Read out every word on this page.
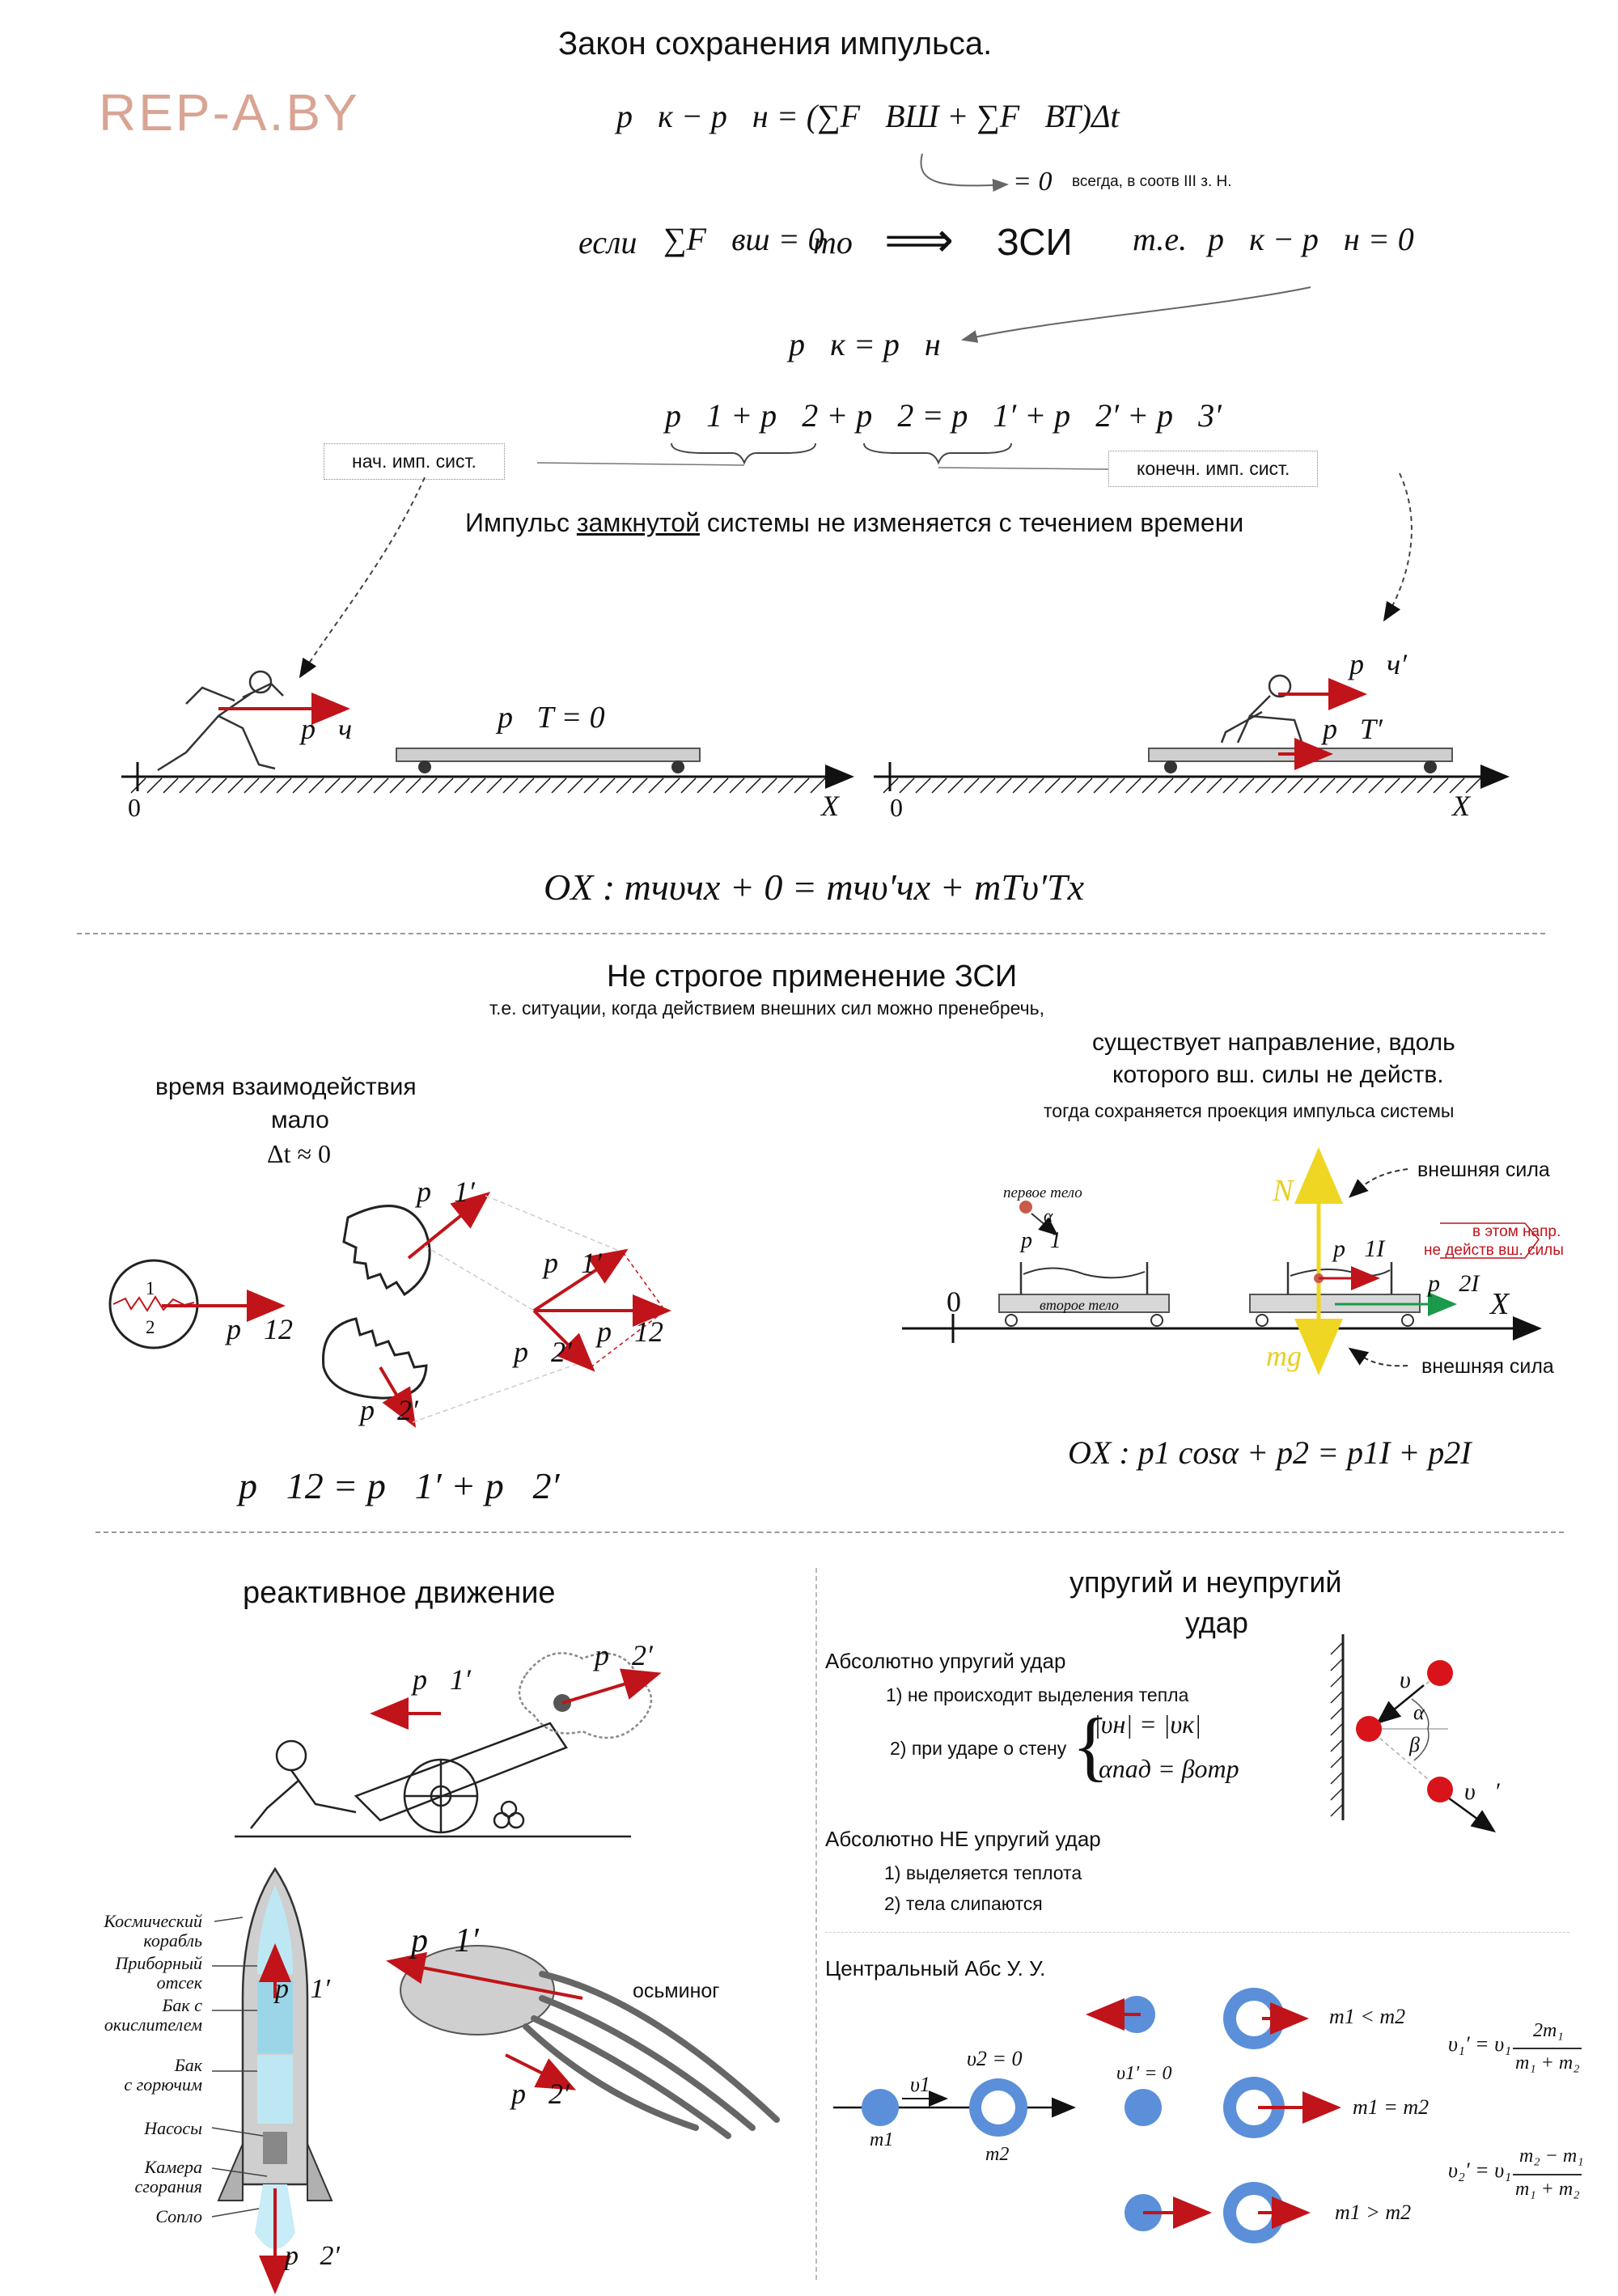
REP-A.BY
Закон сохранения импульса.
p⃗к − p⃗н = (∑F⃗ВШ + ∑F⃗ВТ)Δt
= 0 всегда, в соотв III з. Н.
если ∑F⃗вш = 0
то ⟹ ЗСИ т.е. p⃗к − p⃗н = 0
p⃗к = p⃗н
p⃗1 + p⃗2 + p⃗2 = p⃗1′ + p⃗2′ + p⃗3′
нач. имп. сист.	конечн. имп. сист.
Импульс замкнутой системы не изменяется с течением времени
p⃗ч	p⃗T = 0
p⃗ч′
p⃗T′
0	X 0	X
OX : mчυчx + 0 = mчυ′чx + mTυ′Tx
Не строгое применение ЗСИ
т.е. ситуации, когда действием внешних сил можно пренебречь,
время взаимодействия
мало
Δt ≈ 0
существует направление, вдоль
которого вш. силы не действ.
тогда сохраняется проекция импульса системы
1
2 p⃗12
p⃗1′
p⃗2′
p⃗1′
p⃗2′
p⃗12
p⃗12 = p⃗1′ + p⃗2′
первое тело
α
p⃗1
второе тело
N⃗
mg⃗
внешняя сила
внешняя сила
в этом напр.
не действ вш. силы
p⃗1I
p⃗2I
0	X
OX : p1 cosα + p2 = p1I + p2I
реактивное движение
p⃗1′
p⃗2′
Космический
корабль
Приборный
отсек
Бак с
окислителем
Бак
с горючим
Насосы
Камера
сгорания
Сопло
p⃗1′
p⃗2′
осьминог
p⃗1′
p⃗2′
упругий и неупругий
удар
Абсолютно упругий удар
1) не происходит выделения тепла
2) при ударе о стену {
|υн| = |υк|
αпад = βотр
υ⃗
υ⃗′
α
β
Абсолютно НЕ упругий удар
1) выделяется теплота
2) тела слипаются
Центральный Абс У. У.
υ2 = 0
υ1
m1
m2
υ1′ = 0
m1 < m2
m1 = m2
m1 > m2
υ₁′ = υ₁
2m₁
m₁ + m₂
υ₂′ = υ₁
m₂ − m₁
m₁ + m₂
